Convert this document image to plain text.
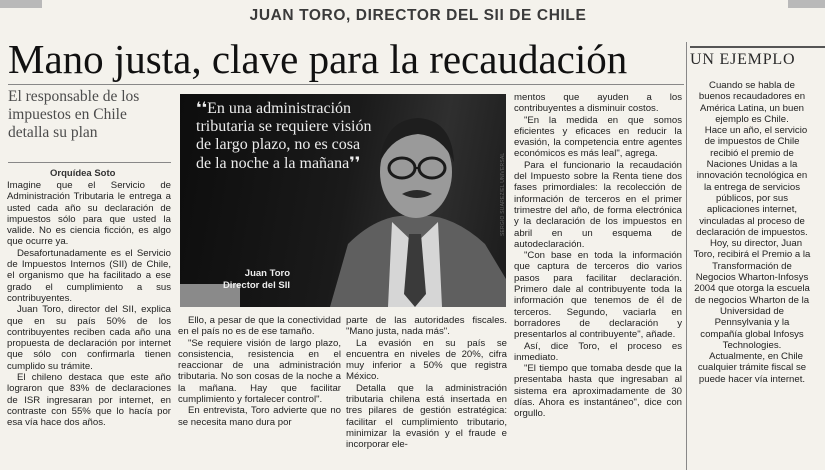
JUAN TORO, DIRECTOR DEL SII DE CHILE
Mano justa, clave para la recaudación
El responsable de los impuestos en Chile detalla su plan
Orquídea Soto

Imagine que el Servicio de Administración Tributaria le entrega a usted cada año su declaración de impuestos sólo para que usted la valide. No es ciencia ficción, es algo que ocurre ya.

Desafortunadamente es el Servicio de Impuestos Internos (SII) de Chile, el organismo que ha facilitado a ese grado el cumplimiento a sus contribuyentes.

Juan Toro, director del SII, explica que en su país 50% de los contribuyentes reciben cada año una propuesta de declaración por internet que sólo con confirmarla tienen cumplido su trámite.

El chileno destaca que este año lograron que 83% de declaraciones de ISR ingresaran por internet, en contraste con 55% que lo hacía por esa vía hace dos años.

❛❛En una administración tributaria se requiere visión de largo plazo, no es cosa de la noche a la mañana❜❜
Juan Toro
Director del SII
SERGIO SUAREZ/EL UNIVERSAL

Ello, a pesar de que la conectividad en el país no es de ese tamaño.

"Se requiere visión de largo plazo, consistencia, resistencia en el reaccionar de una administración tributaria. No son cosas de la noche a la mañana. Hay que facilitar cumplimiento y fortalecer control".

En entrevista, Toro advierte que no se necesita mano dura por

parte de las autoridades fiscales. "Mano justa, nada más".

La evasión en su país se encuentra en niveles de 20%, cifra muy inferior a 50% que registra México.

Detalla que la administración tributaria chilena está insertada en tres pilares de gestión estratégica: facilitar el cumplimiento tributario, minimizar la evasión y el fraude e incorporar ele-

mentos que ayuden a los contribuyentes a disminuir costos.

"En la medida en que somos eficientes y eficaces en reducir la evasión, la competencia entre agentes económicos es más leal", agrega.

Para el funcionario la recaudación del Impuesto sobre la Renta tiene dos fases primordiales: la recolección de información de terceros en el primer trimestre del año, de forma electrónica y la declaración de los impuestos en abril en un esquema de autodeclaración.

"Con base en toda la información que captura de terceros dio varios pasos para facilitar declaración. Primero dale al contribuyente toda la información que tenemos de él de terceros. Segundo, vaciarla en borradores de declaración y presentarlos al contribuyente", añade.

Así, dice Toro, el proceso es inmediato.

"El tiempo que tomaba desde que la presentaba hasta que ingresaban al sistema era aproximadamente de 30 días. Ahora es instantáneo", dice con orgullo.

UN EJEMPLO

Cuando se habla de buenos recaudadores en América Latina, un buen ejemplo es Chile.

Hace un año, el servicio de impuestos de Chile recibió el premio de Naciones Unidas a la innovación tecnológica en la entrega de servicios públicos, por sus aplicaciones internet, vinculadas al proceso de declaración de impuestos.

Hoy, su director, Juan Toro, recibirá el Premio a la Transformación de Negocios Wharton-Infosys 2004 que otorga la escuela de negocios Wharton de la Universidad de Pennsylvania y la compañía global Infosys Technologies.

Actualmente, en Chile cualquier trámite fiscal se puede hacer vía internet.
